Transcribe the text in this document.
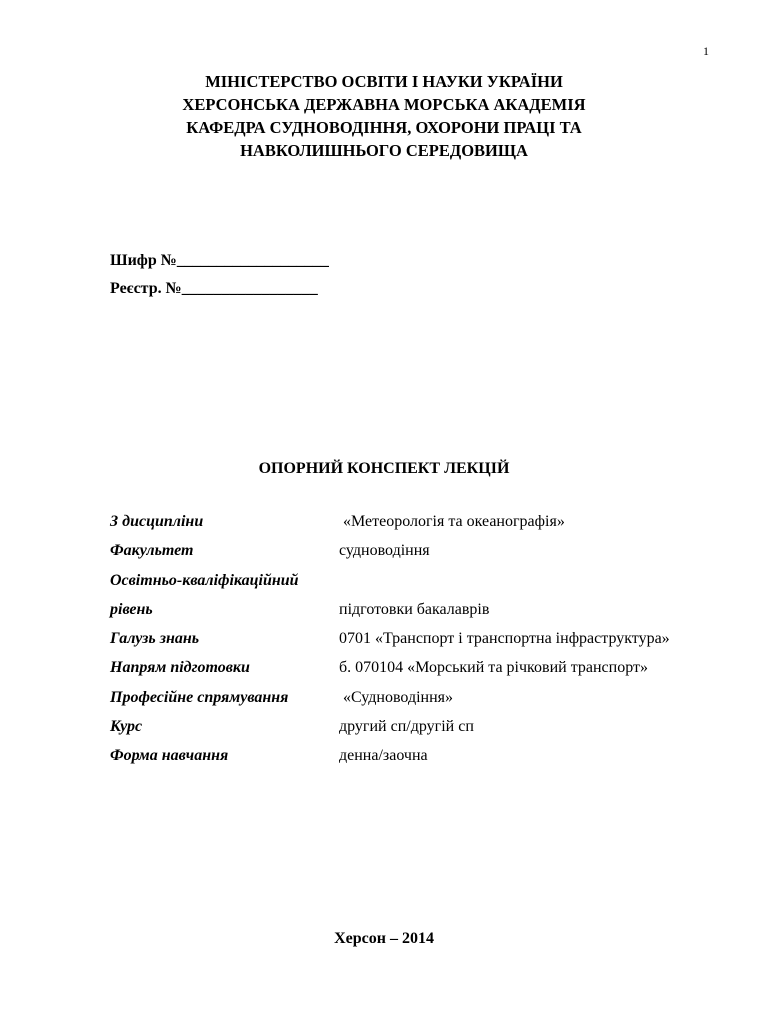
1
МІНІСТЕРСТВО ОСВІТИ І НАУКИ УКРАЇНИ
ХЕРСОНСЬКА ДЕРЖАВНА МОРСЬКА АКАДЕМІЯ
КАФЕДРА СУДНОВОДІННЯ, ОХОРОНИ ПРАЦІ ТА
НАВКОЛИШНЬОГО СЕРЕДОВИЩА
Шифр №___________________
Реєстр. №_________________
ОПОРНИЙ КОНСПЕКТ ЛЕКЦІЙ
З дисципліни	«Метеорологія та океанографія»
Факультет	судноводіння
Освітньо-кваліфікаційний
рівень	підготовки бакалаврів
Галузь знань	0701 «Транспорт і транспортна інфраструктура»
Напрям підготовки	б. 070104 «Морський та річковий транспорт»
Професійне спрямування	«Судноводіння»
Курс	другий сп/другій сп
Форма навчання	денна/заочна
Херсон – 2014
